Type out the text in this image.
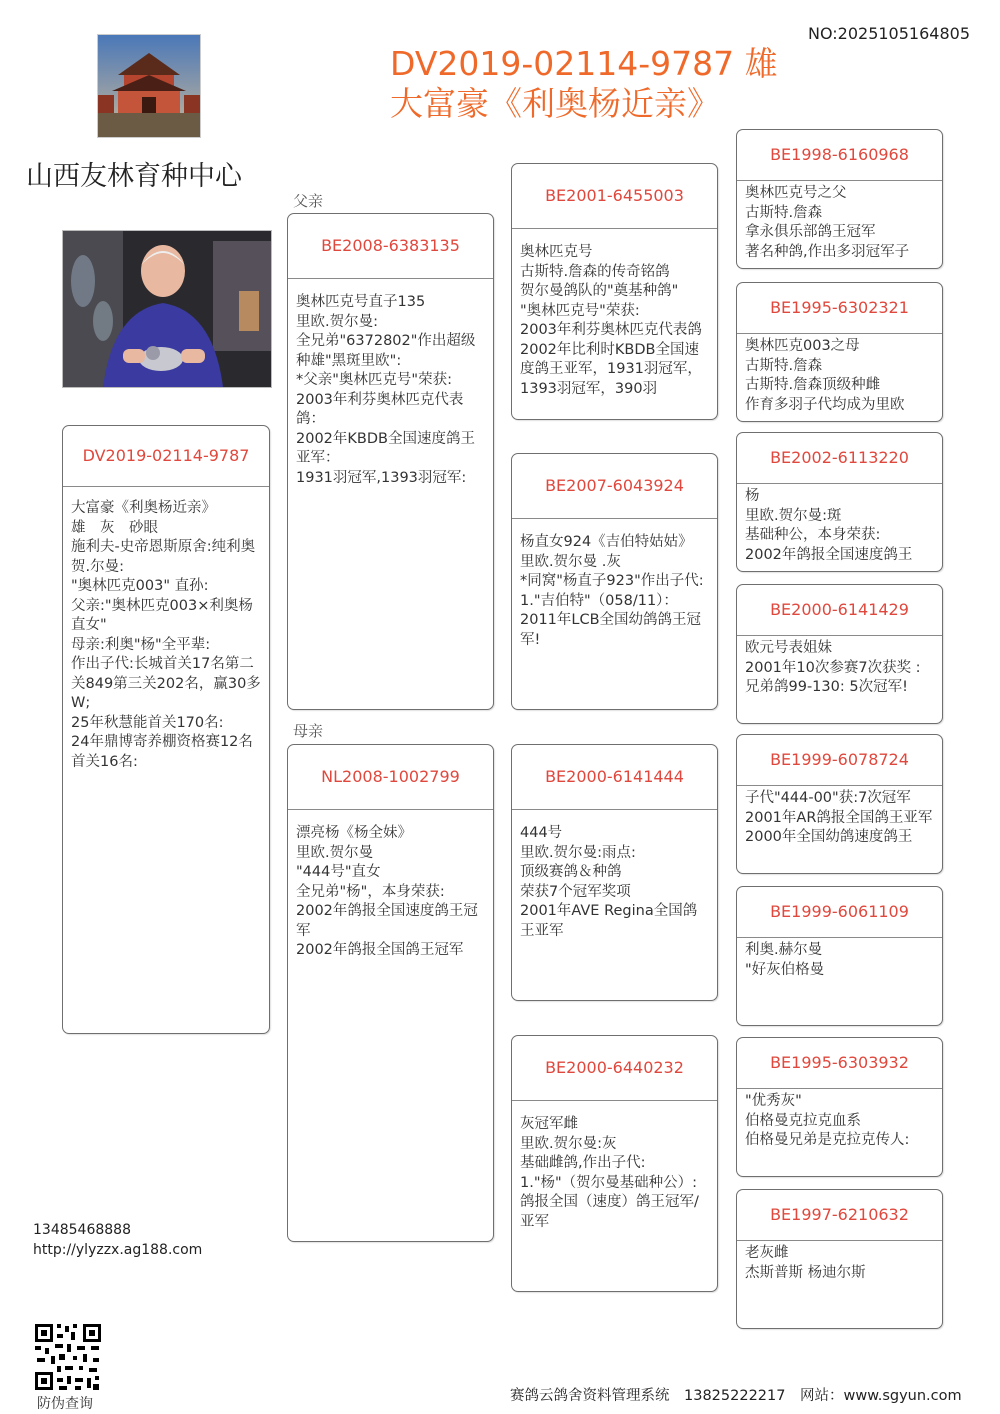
NO:2025105164805
DV2019-02114-9787 雄
大富豪《利奥杨近亲》
山西友林育种中心
父亲
母亲
DV2019-02114-9787
大富豪《利奥杨近亲》
雄　灰　砂眼
施利夫-史帝恩斯原舍:纯利奥贺.尔曼:
"奥林匹克003" 直孙:
父亲:"奥林匹克003×利奥杨直女"
母亲:利奥"杨"全平辈:
作出子代:长城首关17名第二关849第三关202名，赢30多W;
25年秋慧能首关170名:
24年鼎博寄养棚资格赛12名首关16名:
BE2008-6383135
奥林匹克号直子135
里欧.贺尔曼:
全兄弟"6372802"作出超级种雄"黑斑里欧":
*父亲"奥林匹克号"荣获:
2003年利芬奥林匹克代表鸽：
2002年KBDB全国速度鸽王亚军：
1931羽冠军,1393羽冠军:
NL2008-1002799
漂亮杨《杨全妹》
里欧.贺尔曼
"444号"直女
全兄弟"杨"，本身荣获:
2002年鸽报全国速度鸽王冠军
2002年鸽报全国鸽王冠军
BE2001-6455003
奥林匹克号
古斯特.詹森的传奇铭鸽
贺尔曼鸽队的"奠基种鸽"
"奥林匹克号"荣获:
2003年利芬奥林匹克代表鸽
2002年比利时KBDB全国速度鸽王亚军，1931羽冠军，1393羽冠军，390羽
BE2007-6043924
杨直女924《吉伯特姑姑》
里欧.贺尔曼 .灰
*同窝"杨直子923"作出子代:
1."吉伯特"（058/11）：2011年LCB全国幼鸽鸽王冠军!
BE2000-6141444
444号
里欧.贺尔曼:雨点:
顶级赛鸽＆种鸽
荣获7个冠军奖项
2001年AVE Regina全国鸽王亚军
BE2000-6440232
灰冠军雌
里欧.贺尔曼:灰
基础雌鸽,作出子代:
1."杨"（贺尔曼基础种公）:
鸽报全国（速度）鸽王冠军/亚军
BE1998-6160968
奥林匹克号之父
古斯特.詹森
拿永俱乐部鸽王冠军
著名种鸽,作出多羽冠军子
BE1995-6302321
奥林匹克003之母
古斯特.詹森
古斯特.詹森顶级种雌
作育多羽子代均成为里欧
BE2002-6113220
杨
里欧.贺尔曼:斑
基础种公，本身荣获:
2002年鸽报全国速度鸽王
BE2000-6141429
欧元号表姐妹
2001年10次参赛7次获奖 :兄弟鸽99-130: 5次冠军!
BE1999-6078724
子代"444-00"获:7次冠军
2001年AR鸽报全国鸽王亚军
2000年全国幼鸽速度鸽王
BE1999-6061109
利奥.赫尔曼
"好灰伯格曼
BE1995-6303932
"优秀灰"
伯格曼克拉克血系
伯格曼兄弟是克拉克传人:
BE1997-6210632
老灰雌
杰斯普斯 杨迪尔斯
13485468888
http://ylyzzx.ag188.com
防伪查询	赛鸽云鸽舍资料管理系统　13825222217　网站：www.sgyun.com
